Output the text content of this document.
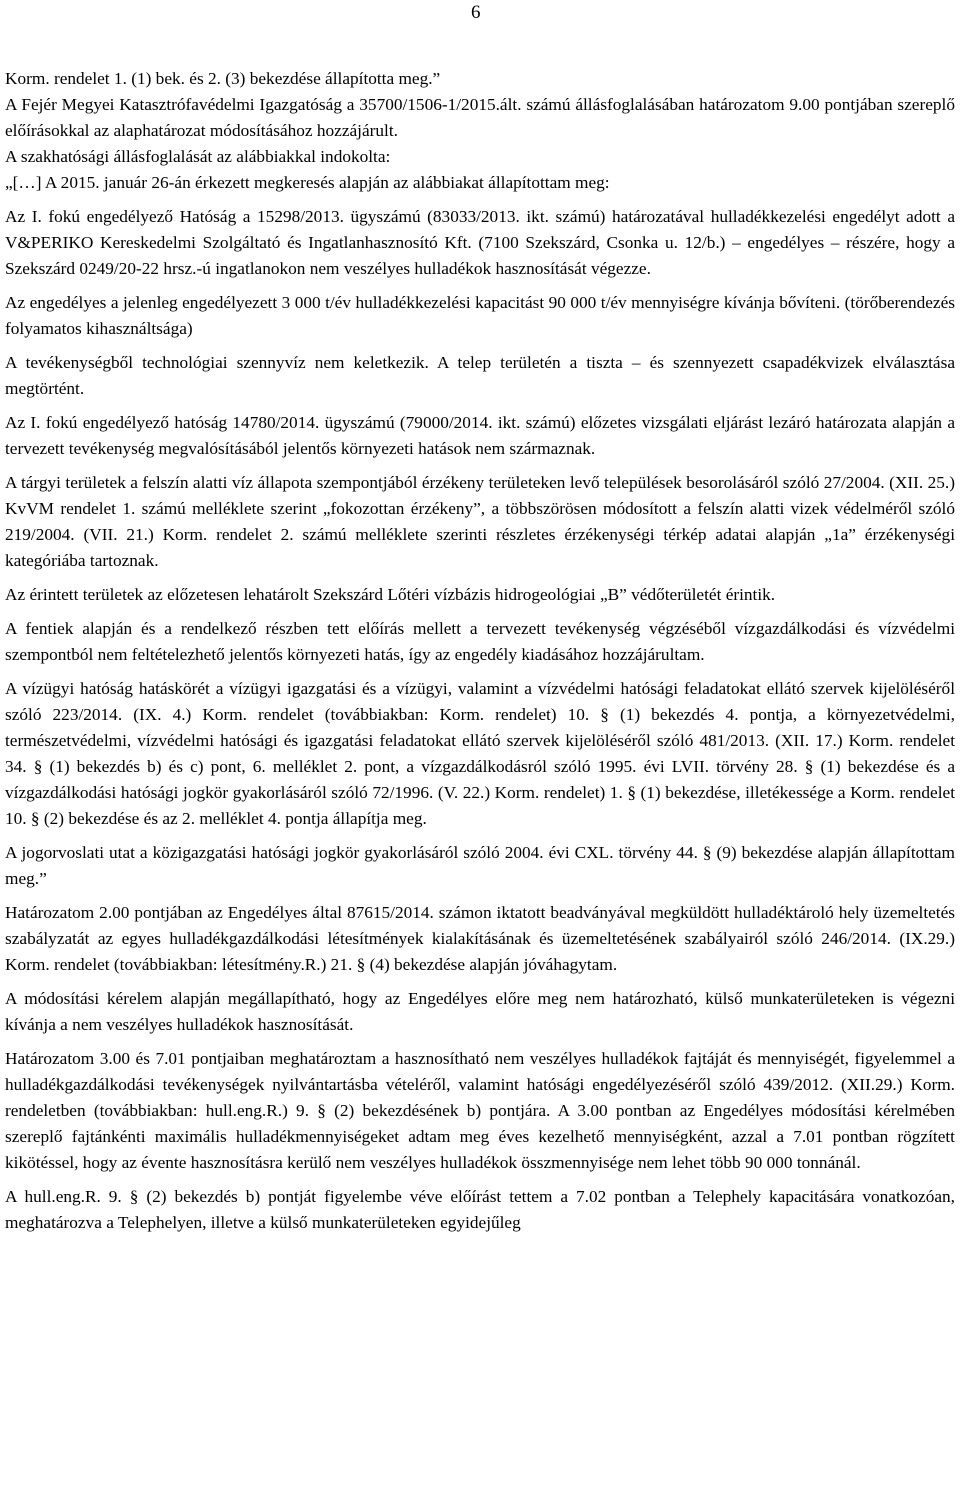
6

Korm. rendelet 1. (1) bek. és 2. (3) bekezdése állapította meg.”

A Fejér Megyei Katasztrófavédelmi Igazgatóság a 35700/1506-1/2015.ált. számú állásfoglalásában határozatom 9.00 pontjában szereplő előírásokkal az alaphatározat módosításához hozzájárult.

A szakhatósági állásfoglalását az alábbiakkal indokolta:

„[…] A 2015. január 26-án érkezett megkeresés alapján az alábbiakat állapítottam meg:

Az I. fokú engedélyező Hatóság a 15298/2013. ügyszámú (83033/2013. ikt. számú) határozatával hulladékkezelési engedélyt adott a V&PERIKO Kereskedelmi Szolgáltató és Ingatlanhasznosító Kft. (7100 Szekszárd, Csonka u. 12/b.) – engedélyes – részére, hogy a Szekszárd 0249/20-22 hrsz.-ú ingatlanokon nem veszélyes hulladékok hasznosítását végezze.

Az engedélyes a jelenleg engedélyezett 3 000 t/év hulladékkezelési kapacitást 90 000 t/év mennyiségre kívánja bővíteni. (törőberendezés folyamatos kihasználtsága)

A tevékenységből technológiai szennyvíz nem keletkezik. A telep területén a tiszta – és szennyezett csapadékvizek elválasztása megtörtént.

Az I. fokú engedélyező hatóság 14780/2014. ügyszámú (79000/2014. ikt. számú) előzetes vizsgálati eljárást lezáró határozata alapján a tervezett tevékenység megvalósításából jelentős környezeti hatások nem származnak.

A tárgyi területek a felszín alatti víz állapota szempontjából érzékeny területeken levő települések besorolásáról szóló 27/2004. (XII. 25.) KvVM rendelet 1. számú melléklete szerint „fokozottan érzékeny”, a többszörösen módosított a felszín alatti vizek védelméről szóló 219/2004. (VII. 21.) Korm. rendelet 2. számú melléklete szerinti részletes érzékenységi térkép adatai alapján „1a” érzékenységi kategóriába tartoznak.

Az érintett területek az előzetesen lehatárolt Szekszárd Lőtéri vízbázis hidrogeológiai „B” védőterületét érintik.

A fentiek alapján és a rendelkező részben tett előírás mellett a tervezett tevékenység végzéséből vízgazdálkodási és vízvédelmi szempontból nem feltételezhető jelentős környezeti hatás, így az engedély kiadásához hozzájárultam.

A vízügyi hatóság hatáskörét a vízügyi igazgatási és a vízügyi, valamint a vízvédelmi hatósági feladatokat ellátó szervek kijelöléséről szóló 223/2014. (IX. 4.) Korm. rendelet (továbbiakban: Korm. rendelet) 10. § (1) bekezdés 4. pontja, a környezetvédelmi, természetvédelmi, vízvédelmi hatósági és igazgatási feladatokat ellátó szervek kijelöléséről szóló 481/2013. (XII. 17.) Korm. rendelet 34. § (1) bekezdés b) és c) pont, 6. melléklet 2. pont, a vízgazdálkodásról szóló 1995. évi LVII. törvény 28. § (1) bekezdése és a vízgazdálkodási hatósági jogkör gyakorlásáról szóló 72/1996. (V. 22.) Korm. rendelet) 1. § (1) bekezdése, illetékessége a Korm. rendelet 10. § (2) bekezdése és az 2. melléklet 4. pontja állapítja meg.

A jogorvoslati utat a közigazgatási hatósági jogkör gyakorlásáról szóló 2004. évi CXL. törvény 44. § (9) bekezdése alapján állapítottam meg.”

Határozatom 2.00 pontjában az Engedélyes által 87615/2014. számon iktatott beadványával megküldött hulladéktároló hely üzemeltetés szabályzatát az egyes hulladékgazdálkodási létesítmények kialakításának és üzemeltetésének szabályairól szóló 246/2014. (IX.29.) Korm. rendelet (továbbiakban: létesítmény.R.) 21. § (4) bekezdése alapján jóváhagytam.

A módosítási kérelem alapján megállapítható, hogy az Engedélyes előre meg nem határozható, külső munkaterületeken is végezni kívánja a nem veszélyes hulladékok hasznosítását.

Határozatom 3.00 és 7.01 pontjaiban meghatároztam a hasznosítható nem veszélyes hulladékok fajtáját és mennyiségét, figyelemmel a hulladékgazdálkodási tevékenységek nyilvántartásba vételéről, valamint hatósági engedélyezéséről szóló 439/2012. (XII.29.) Korm. rendeletben (továbbiakban: hull.eng.R.) 9. § (2) bekezdésének b) pontjára. A 3.00 pontban az Engedélyes módosítási kérelmében szereplő fajtánkénti maximális hulladékmennyiségeket adtam meg éves kezelhető mennyiségként, azzal a 7.01 pontban rögzített kikötéssel, hogy az évente hasznosításra kerülő nem veszélyes hulladékok összmennyisége nem lehet több 90 000 tonnánál.

A hull.eng.R. 9. § (2) bekezdés b) pontját figyelembe véve előírást tettem a 7.02 pontban a Telephely kapacitására vonatkozóan, meghatározva a Telephelyen, illetve a külső munkaterületeken egyidejűleg
